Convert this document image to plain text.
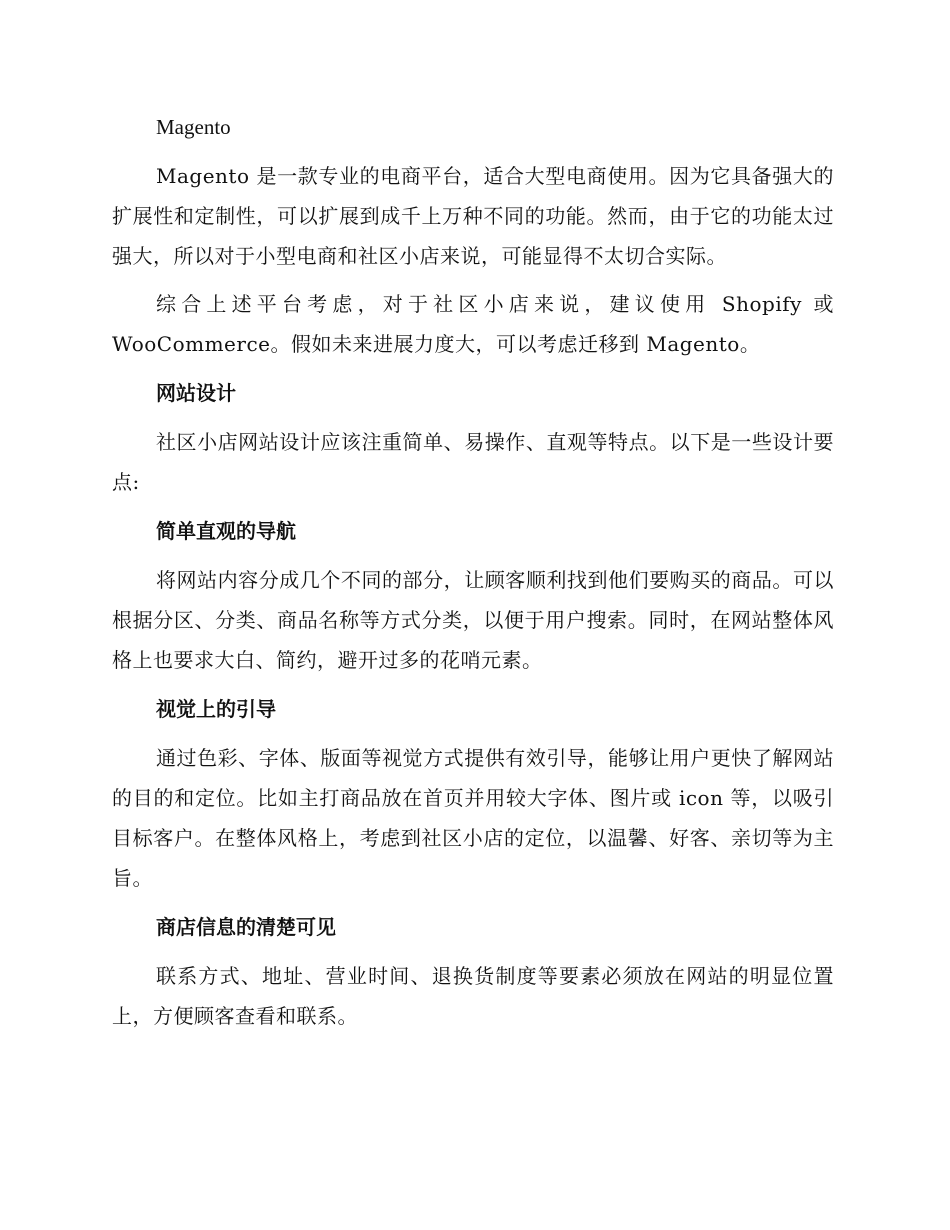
Magento

Magento 是一款专业的电商平台，适合大型电商使用。因为它具备强大的扩展性和定制性，可以扩展到成千上万种不同的功能。然而，由于它的功能太过强大，所以对于小型电商和社区小店来说，可能显得不太切合实际。

综合上述平台考虑，对于社区小店来说，建议使用 Shopify 或 WooCommerce。假如未来进展力度大，可以考虑迁移到 Magento。

网站设计

社区小店网站设计应该注重简单、易操作、直观等特点。以下是一些设计要点:

简单直观的导航

将网站内容分成几个不同的部分，让顾客顺利找到他们要购买的商品。可以根据分区、分类、商品名称等方式分类，以便于用户搜索。同时，在网站整体风格上也要求大白、简约，避开过多的花哨元素。

视觉上的引导

通过色彩、字体、版面等视觉方式提供有效引导，能够让用户更快了解网站的目的和定位。比如主打商品放在首页并用较大字体、图片或 icon 等，以吸引目标客户。在整体风格上，考虑到社区小店的定位，以温馨、好客、亲切等为主旨。

商店信息的清楚可见

联系方式、地址、营业时间、退换货制度等要素必须放在网站的明显位置上，方便顾客查看和联系。
